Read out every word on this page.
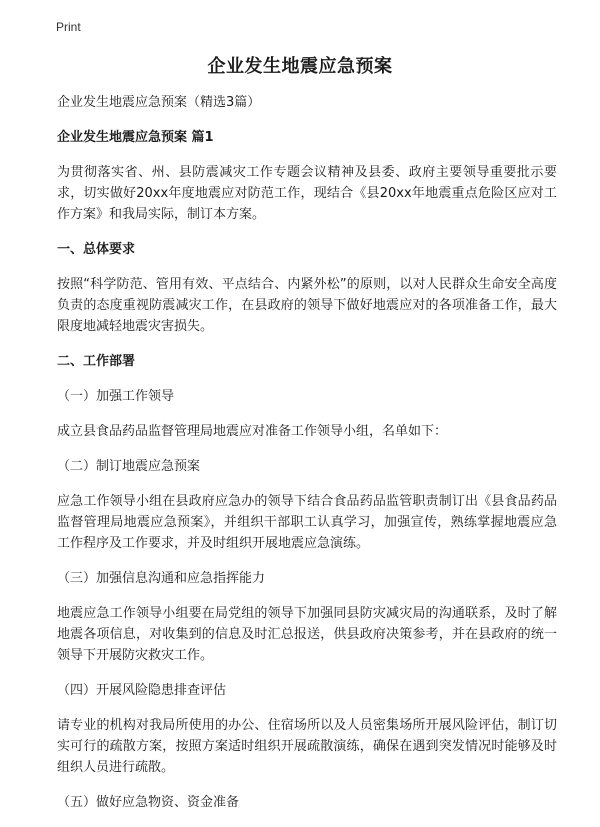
Print
企业发生地震应急预案

企业发生地震应急预案（精选3篇）

企业发生地震应急预案 篇1

为贯彻落实省、州、县防震减灾工作专题会议精神及县委、政府主要领导重要批示要求，切实做好20xx年度地震应对防范工作，现结合《县20xx年地震重点危险区应对工作方案》和我局实际，制订本方案。

一、总体要求

按照“科学防范、管用有效、平点结合、内紧外松”的原则，以对人民群众生命安全高度负责的态度重视防震减灾工作，在县政府的领导下做好地震应对的各项准备工作，最大限度地减轻地震灾害损失。

二、工作部署

（一）加强工作领导

成立县食品药品监督管理局地震应对准备工作领导小组，名单如下：

（二）制订地震应急预案

应急工作领导小组在县政府应急办的领导下结合食品药品监管职责制订出《县食品药品监督管理局地震应急预案》，并组织干部职工认真学习，加强宣传，熟练掌握地震应急工作程序及工作要求，并及时组织开展地震应急演练。

（三）加强信息沟通和应急指挥能力

地震应急工作领导小组要在局党组的领导下加强同县防灾减灾局的沟通联系，及时了解地震各项信息，对收集到的信息及时汇总报送，供县政府决策参考，并在县政府的统一领导下开展防灾救灾工作。

（四）开展风险隐患排查评估

请专业的机构对我局所使用的办公、住宿场所以及人员密集场所开展风险评估，制订切实可行的疏散方案，按照方案适时组织开展疏散演练，确保在遇到突发情况时能够及时组织人员进行疏散。

（五）做好应急物资、资金准备
